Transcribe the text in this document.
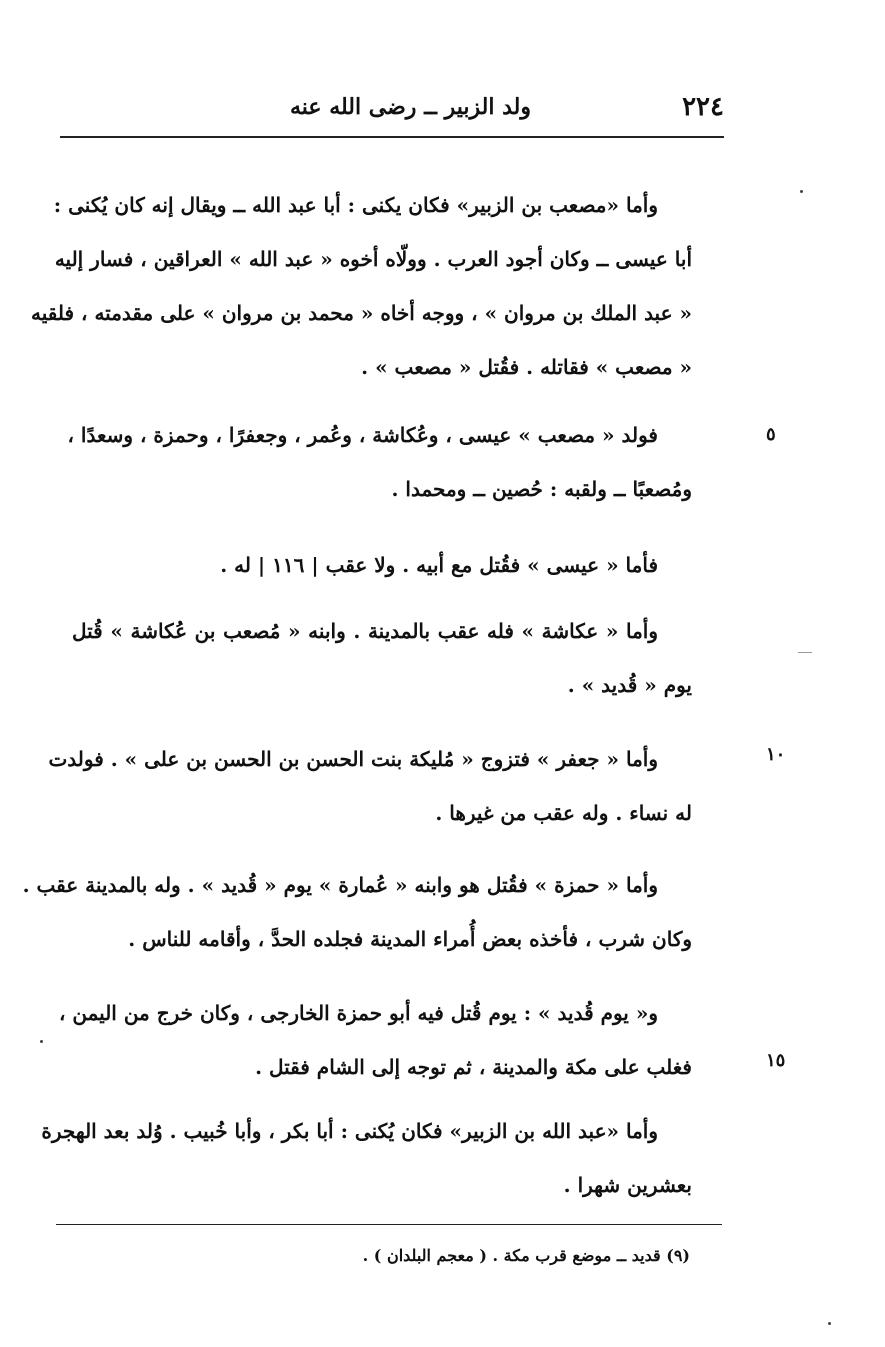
٢٢٤
ولد الزبير ــ رضى الله عنه
وأما «مصعب بن الزبير» فكان يكنى : أبا عبد الله ــ ويقال إنه كان يُكنى :
أبا عيسى ــ وكان أجود العرب . وولّاه أخوه « عبد الله » العراقين ، فسار إليه
« عبد الملك بن مروان » ، ووجه أخاه « محمد بن مروان » على مقدمته ، فلقيه
« مصعب » فقاتله . فقُتل « مصعب » .
فولد « مصعب » عيسى ، وعُكاشة ، وعُمر ، وجعفرًا ، وحمزة ، وسعدًا ،
ومُصعبًا ــ ولقبه : حُصين ــ ومحمدا .
٥
فأما « عيسى » فقُتل مع أبيه . ولا عقب | ١١٦ | له .
وأما « عكاشة » فله عقب بالمدينة . وابنه « مُصعب بن عُكاشة » قُتل
يوم « قُديد » .
وأما « جعفر » فتزوج « مُليكة بنت الحسن بن الحسن بن على » . فولدت
له نساء . وله عقب من غيرها .
١٠
وأما « حمزة » فقُتل هو وابنه « عُمارة » يوم « قُديد » . وله بالمدينة عقب .
وكان شرب ، فأخذه بعض أُمراء المدينة فجلده الحدَّ ، وأقامه للناس .
و« يوم قُديد » : يوم قُتل فيه أبو حمزة الخارجى ، وكان خرج من اليمن ،
فغلب على مكة والمدينة ، ثم توجه إلى الشام فقتل .	١٥
وأما «عبد الله بن الزبير» فكان يُكنى : أبا بكر ، وأبا خُبيب . وُلد بعد الهجرة
بعشرين شهرا .
(٩) قديد ــ موضع قرب مكة . ( معجم البلدان ) .
